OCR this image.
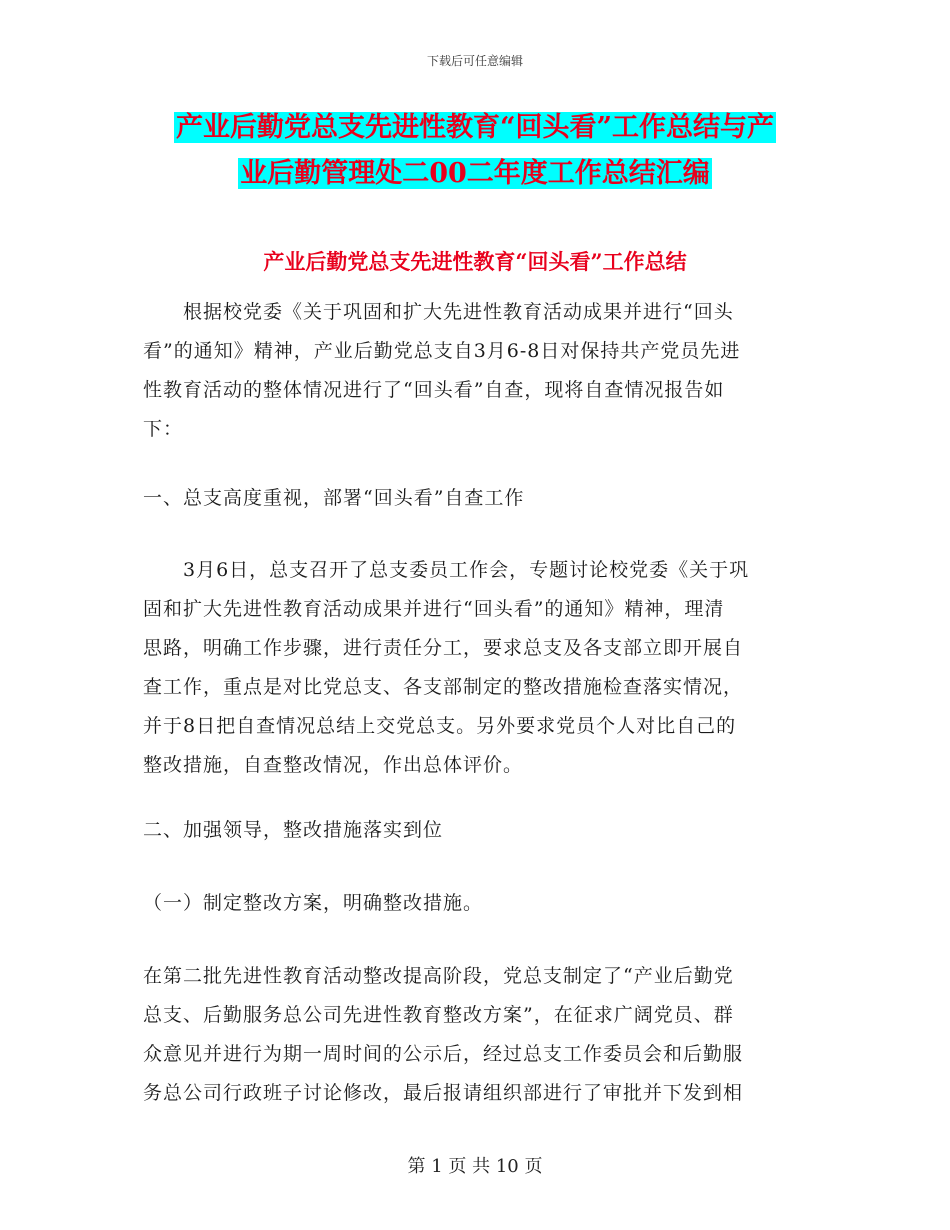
下载后可任意编辑
产业后勤党总支先进性教育“回头看”工作总结与产
业后勤管理处二00二年度工作总结汇编
产业后勤党总支先进性教育“回头看”工作总结
　　根据校党委《关于巩固和扩大先进性教育活动成果并进行“回头
看”的通知》精神，产业后勤党总支自3月6-8日对保持共产党员先进
性教育活动的整体情况进行了“回头看”自查，现将自查情况报告如
下：
一、总支高度重视，部署“回头看”自查工作
　　3月6日，总支召开了总支委员工作会，专题讨论校党委《关于巩
固和扩大先进性教育活动成果并进行“回头看”的通知》精神，理清
思路，明确工作步骤，进行责任分工，要求总支及各支部立即开展自
查工作，重点是对比党总支、各支部制定的整改措施检查落实情况，
并于8日把自查情况总结上交党总支。另外要求党员个人对比自己的
整改措施，自查整改情况，作出总体评价。
二、加强领导，整改措施落实到位
（一）制定整改方案，明确整改措施。
在第二批先进性教育活动整改提高阶段，党总支制定了“产业后勤党
总支、后勤服务总公司先进性教育整改方案”，在征求广阔党员、群
众意见并进行为期一周时间的公示后，经过总支工作委员会和后勤服
务总公司行政班子讨论修改，最后报请组织部进行了审批并下发到相
第 1 页 共 10 页
